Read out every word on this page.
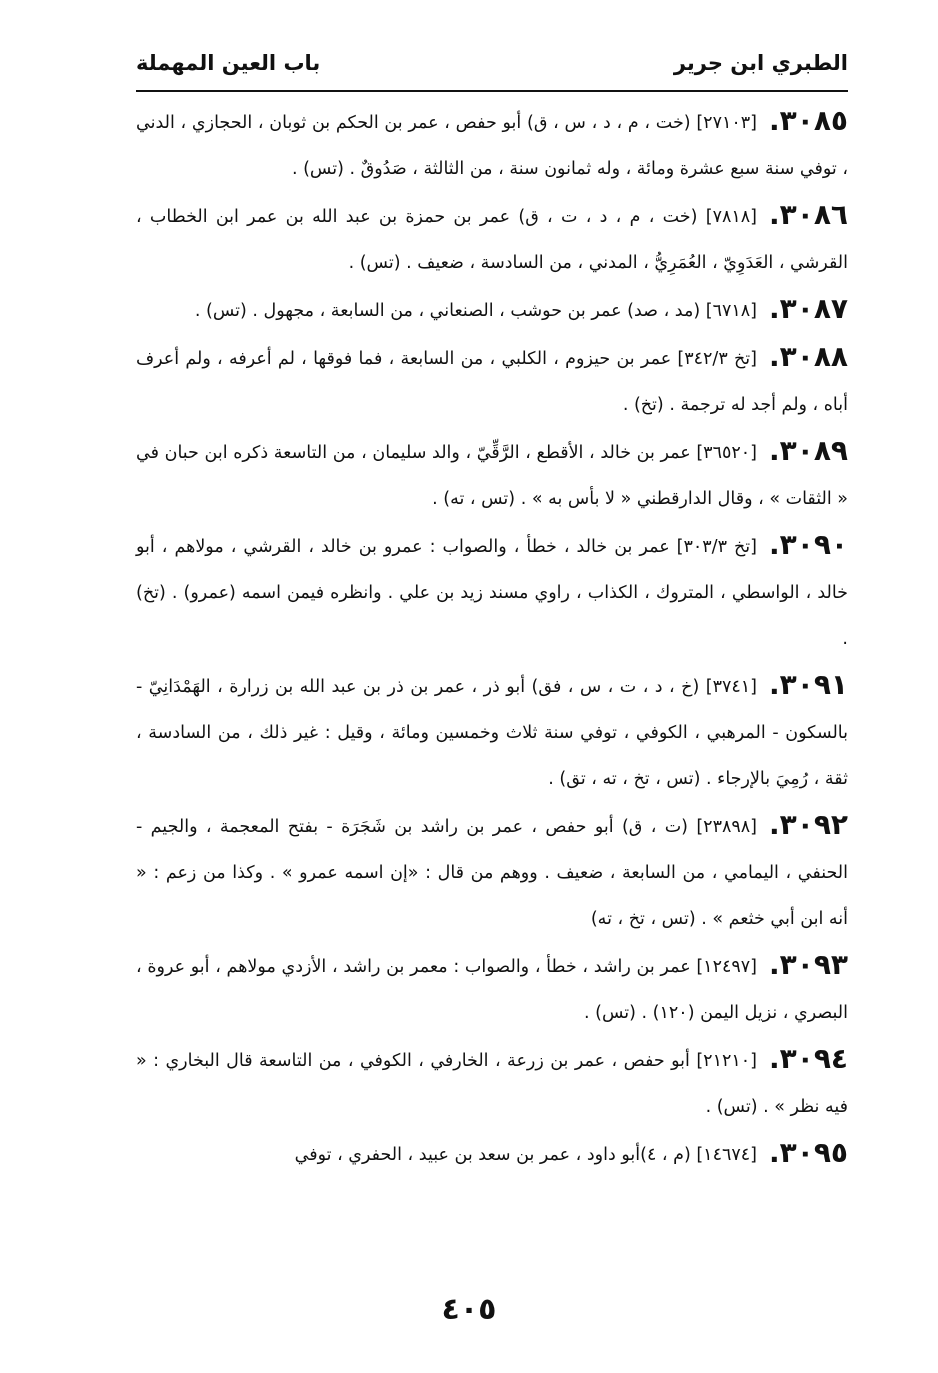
الطبري ابن جرير
باب العين المهملة

٣٠٨٥.[٢٧١٠٣] (خت ، م ، د ، س ، ق) أبو حفص ، عمر بن الحكم بن ثوبان ، الحجازي ، الدني ، توفي سنة سبع عشرة ومائة ، وله ثمانون سنة ، من الثالثة ، صَدُوقٌ . (تس) .

٣٠٨٦.[٧٨١٨] (خت ، م ، د ، ت ، ق) عمر بن حمزة بن عبد الله بن عمر ابن الخطاب ، القرشي ، العَدَوِيّ ، العُمَرِيُّ ، المدني ، من السادسة ، ضعيف . (تس) .

٣٠٨٧.[٦٧١٨] (مد ، صد) عمر بن حوشب ، الصنعاني ، من السابعة ، مجهول . (تس) .

٣٠٨٨.[تخ ٣٤٢/٣] عمر بن حيزوم ، الكلبي ، من السابعة ، فما فوقها ، لم أعرفه ، ولم أعرف أباه ، ولم أجد له ترجمة . (تخ) .

٣٠٨٩.[٣٦٥٢٠] عمر بن خالد ، الأقطع ، الرَّقِّيّ ، والد سليمان ، من التاسعة ذكره ابن حبان في « الثقات » ، وقال الدارقطني « لا بأس به » . (تس ، ته) .

٣٠٩٠.[تخ ٣٠٣/٣] عمر بن خالد ، خطأ ، والصواب : عمرو بن خالد ، القرشي ، مولاهم ، أبو خالد ، الواسطي ، المتروك ، الكذاب ، راوي مسند زيد بن علي . وانظره فيمن اسمه (عمرو) . (تخ) .

٣٠٩١.[٣٧٤١] (خ ، د ، ت ، س ، فق) أبو ذر ، عمر بن ذر بن عبد الله بن زرارة ، الهَمْدَانِيّ - بالسكون - المرهبي ، الكوفي ، توفي سنة ثلاث وخمسين ومائة ، وقيل : غير ذلك ، من السادسة ، ثقة ، رُمِيَ بالإرجاء . (تس ، تخ ، ته ، تق) .

٣٠٩٢.[٢٣٨٩٨] (ت ، ق) أبو حفص ، عمر بن راشد بن شَجَرَة - بفتح المعجمة ، والجيم - الحنفي ، اليمامي ، من السابعة ، ضعيف . ووهم من قال : «إن اسمه عمرو » . وكذا من زعم : « أنه ابن أبي خثعم » . (تس ، تخ ، ته)

٣٠٩٣.[١٢٤٩٧] عمر بن راشد ، خطأ ، والصواب : معمر بن راشد ، الأزدي مولاهم ، أبو عروة ، البصري ، نزيل اليمن (١٢٠) . (تس) .

٣٠٩٤.[٢١٢١٠] أبو حفص ، عمر بن زرعة ، الخارفي ، الكوفي ، من التاسعة قال البخاري : « فيه نظر » . (تس) .

٣٠٩٥.[١٤٦٧٤] (م ، ٤)أبو داود ، عمر بن سعد بن عبيد ، الحفري ، توفي

٤٠٥
